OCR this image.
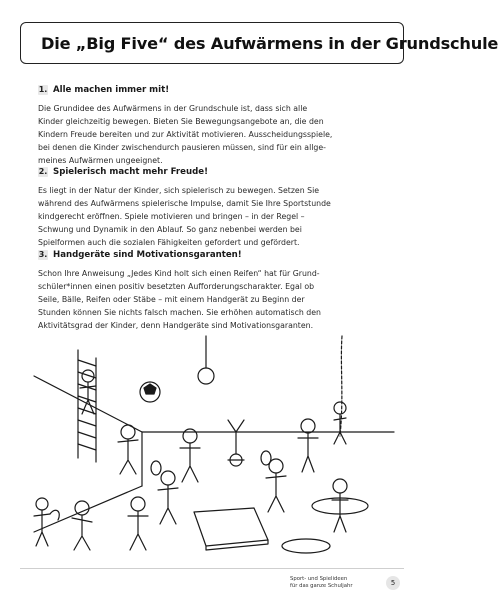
Die „Big Five“ des Aufwärmens in der Grundschule
1. Alle machen immer mit!
Die Grundidee des Aufwärmens in der Grundschule ist, dass sich alle
Kinder gleichzeitig bewegen. Bieten Sie Bewegungsangebote an, die den
Kindern Freude bereiten und zur Aktivität motivieren. Ausscheidungsspiele,
bei denen die Kinder zwischendurch pausieren müssen, sind für ein allge-
meines Aufwärmen ungeeignet.
2. Spielerisch macht mehr Freude!
Es liegt in der Natur der Kinder, sich spielerisch zu bewegen. Setzen Sie
während des Aufwärmens spielerische Impulse, damit Sie Ihre Sportstunde
kindgerecht eröffnen. Spiele motivieren und bringen – in der Regel –
Schwung und Dynamik in den Ablauf. So ganz nebenbei werden bei
Spielformen auch die sozialen Fähigkeiten gefordert und gefördert.
3. Handgeräte sind Motivationsgaranten!
Schon Ihre Anweisung „Jedes Kind holt sich einen Reifen“ hat für Grund-
schüler*innen einen positiv besetzten Aufforderungscharakter. Egal ob
Seile, Bälle, Reifen oder Stäbe – mit einem Handgerät zu Beginn der
Stunden können Sie nichts falsch machen. Sie erhöhen automatisch den
Aktivitätsgrad der Kinder, denn Handgeräte sind Motivationsgaranten.
Sport- und Spielideen
für das ganze Schuljahr	5
